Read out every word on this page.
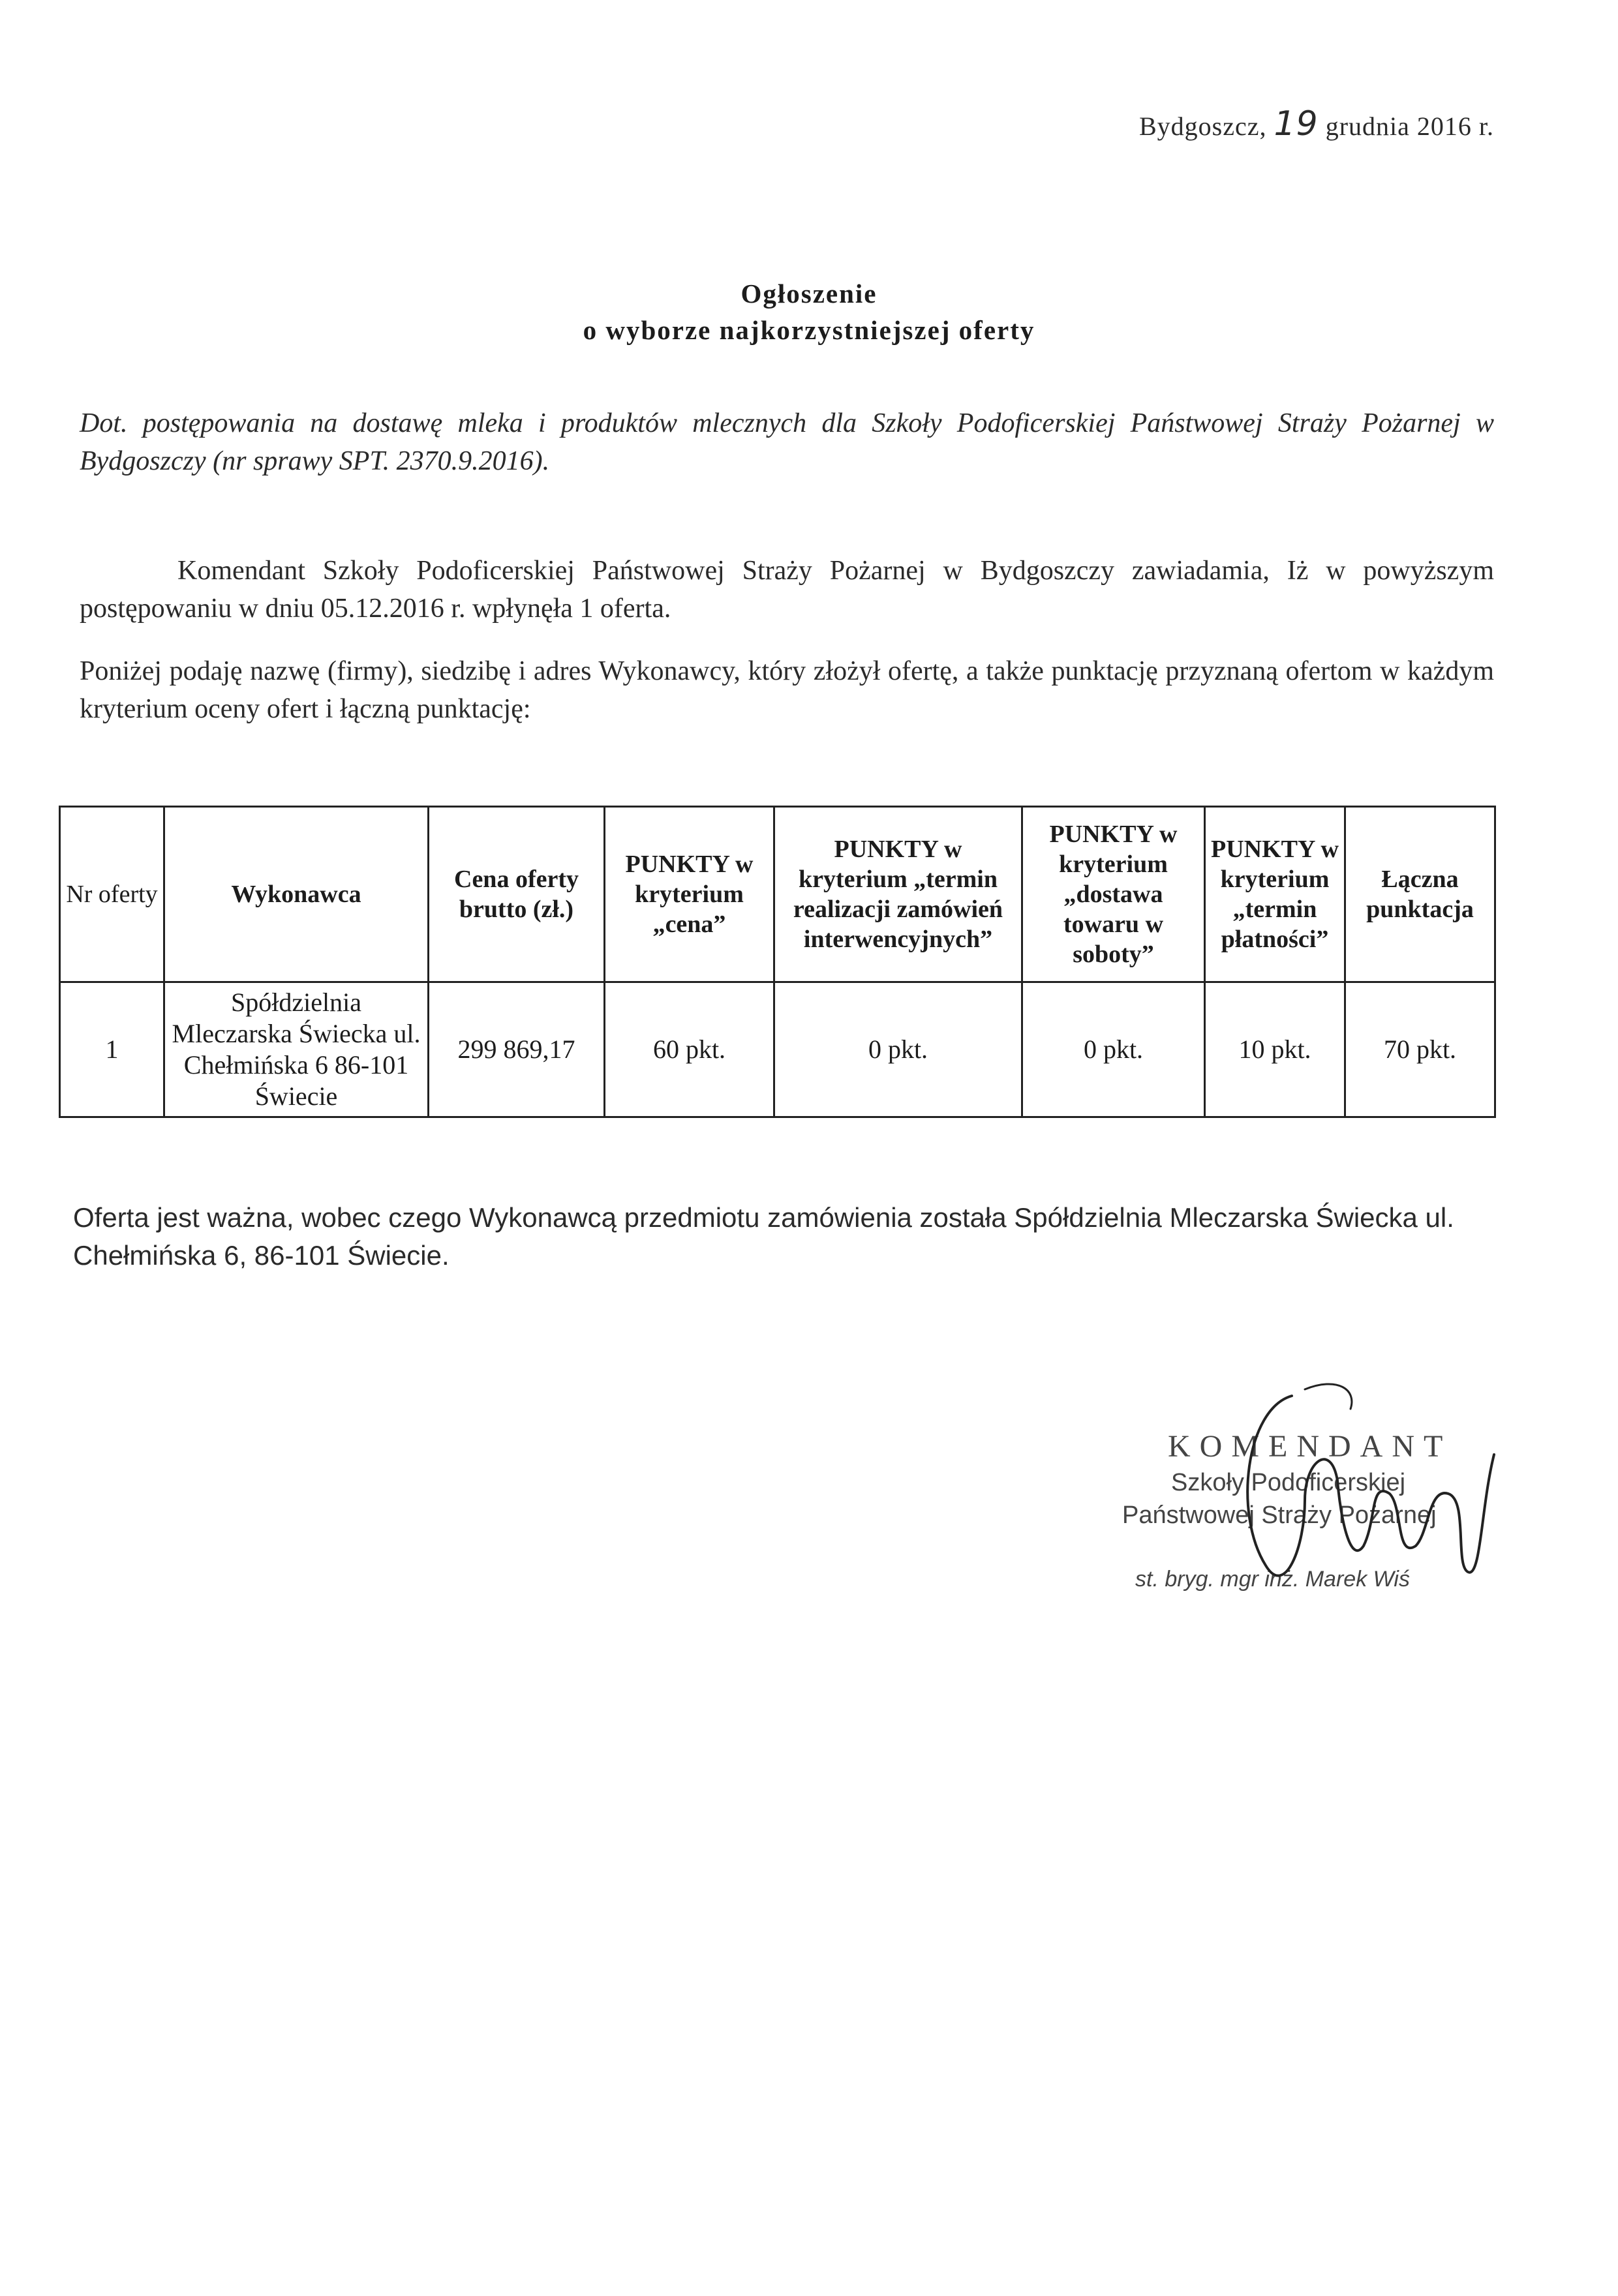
Bydgoszcz, 19 grudnia 2016 r.
Ogłoszenie
o wyborze najkorzystniejszej oferty
Dot. postępowania na dostawę mleka i produktów mlecznych dla Szkoły Podoficerskiej Państwowej Straży Pożarnej w Bydgoszczy (nr sprawy SPT. 2370.9.2016).
Komendant Szkoły Podoficerskiej Państwowej Straży Pożarnej w Bydgoszczy zawiadamia, Iż w powyższym postępowaniu w dniu 05.12.2016 r. wpłynęła 1 oferta.
Poniżej podaję nazwę (firmy), siedzibę i adres Wykonawcy, który złożył ofertę, a także punktację przyznaną ofertom w każdym kryterium oceny ofert i łączną punktację:
Nr oferty	Wykonawca	Cena oferty brutto (zł.)	PUNKTY w kryterium „cena”	PUNKTY w kryterium „termin realizacji zamówień interwencyjnych”	PUNKTY w kryterium „dostawa towaru w soboty”	PUNKTY w kryterium „termin płatności”	Łączna punktacja
1	Spółdzielnia Mleczarska Świecka ul. Chełmińska 6 86-101 Świecie	299 869,17	60 pkt.	0 pkt.	0 pkt.	10 pkt.	70 pkt.
Oferta jest ważna, wobec czego Wykonawcą przedmiotu zamówienia została Spółdzielnia Mleczarska Świecka ul. Chełmińska 6, 86-101 Świecie.
KOMENDANT
Szkoły Podoficerskiej
Państwowej Straży Pożarnej
st. bryg. mgr inż. Marek Wiś
